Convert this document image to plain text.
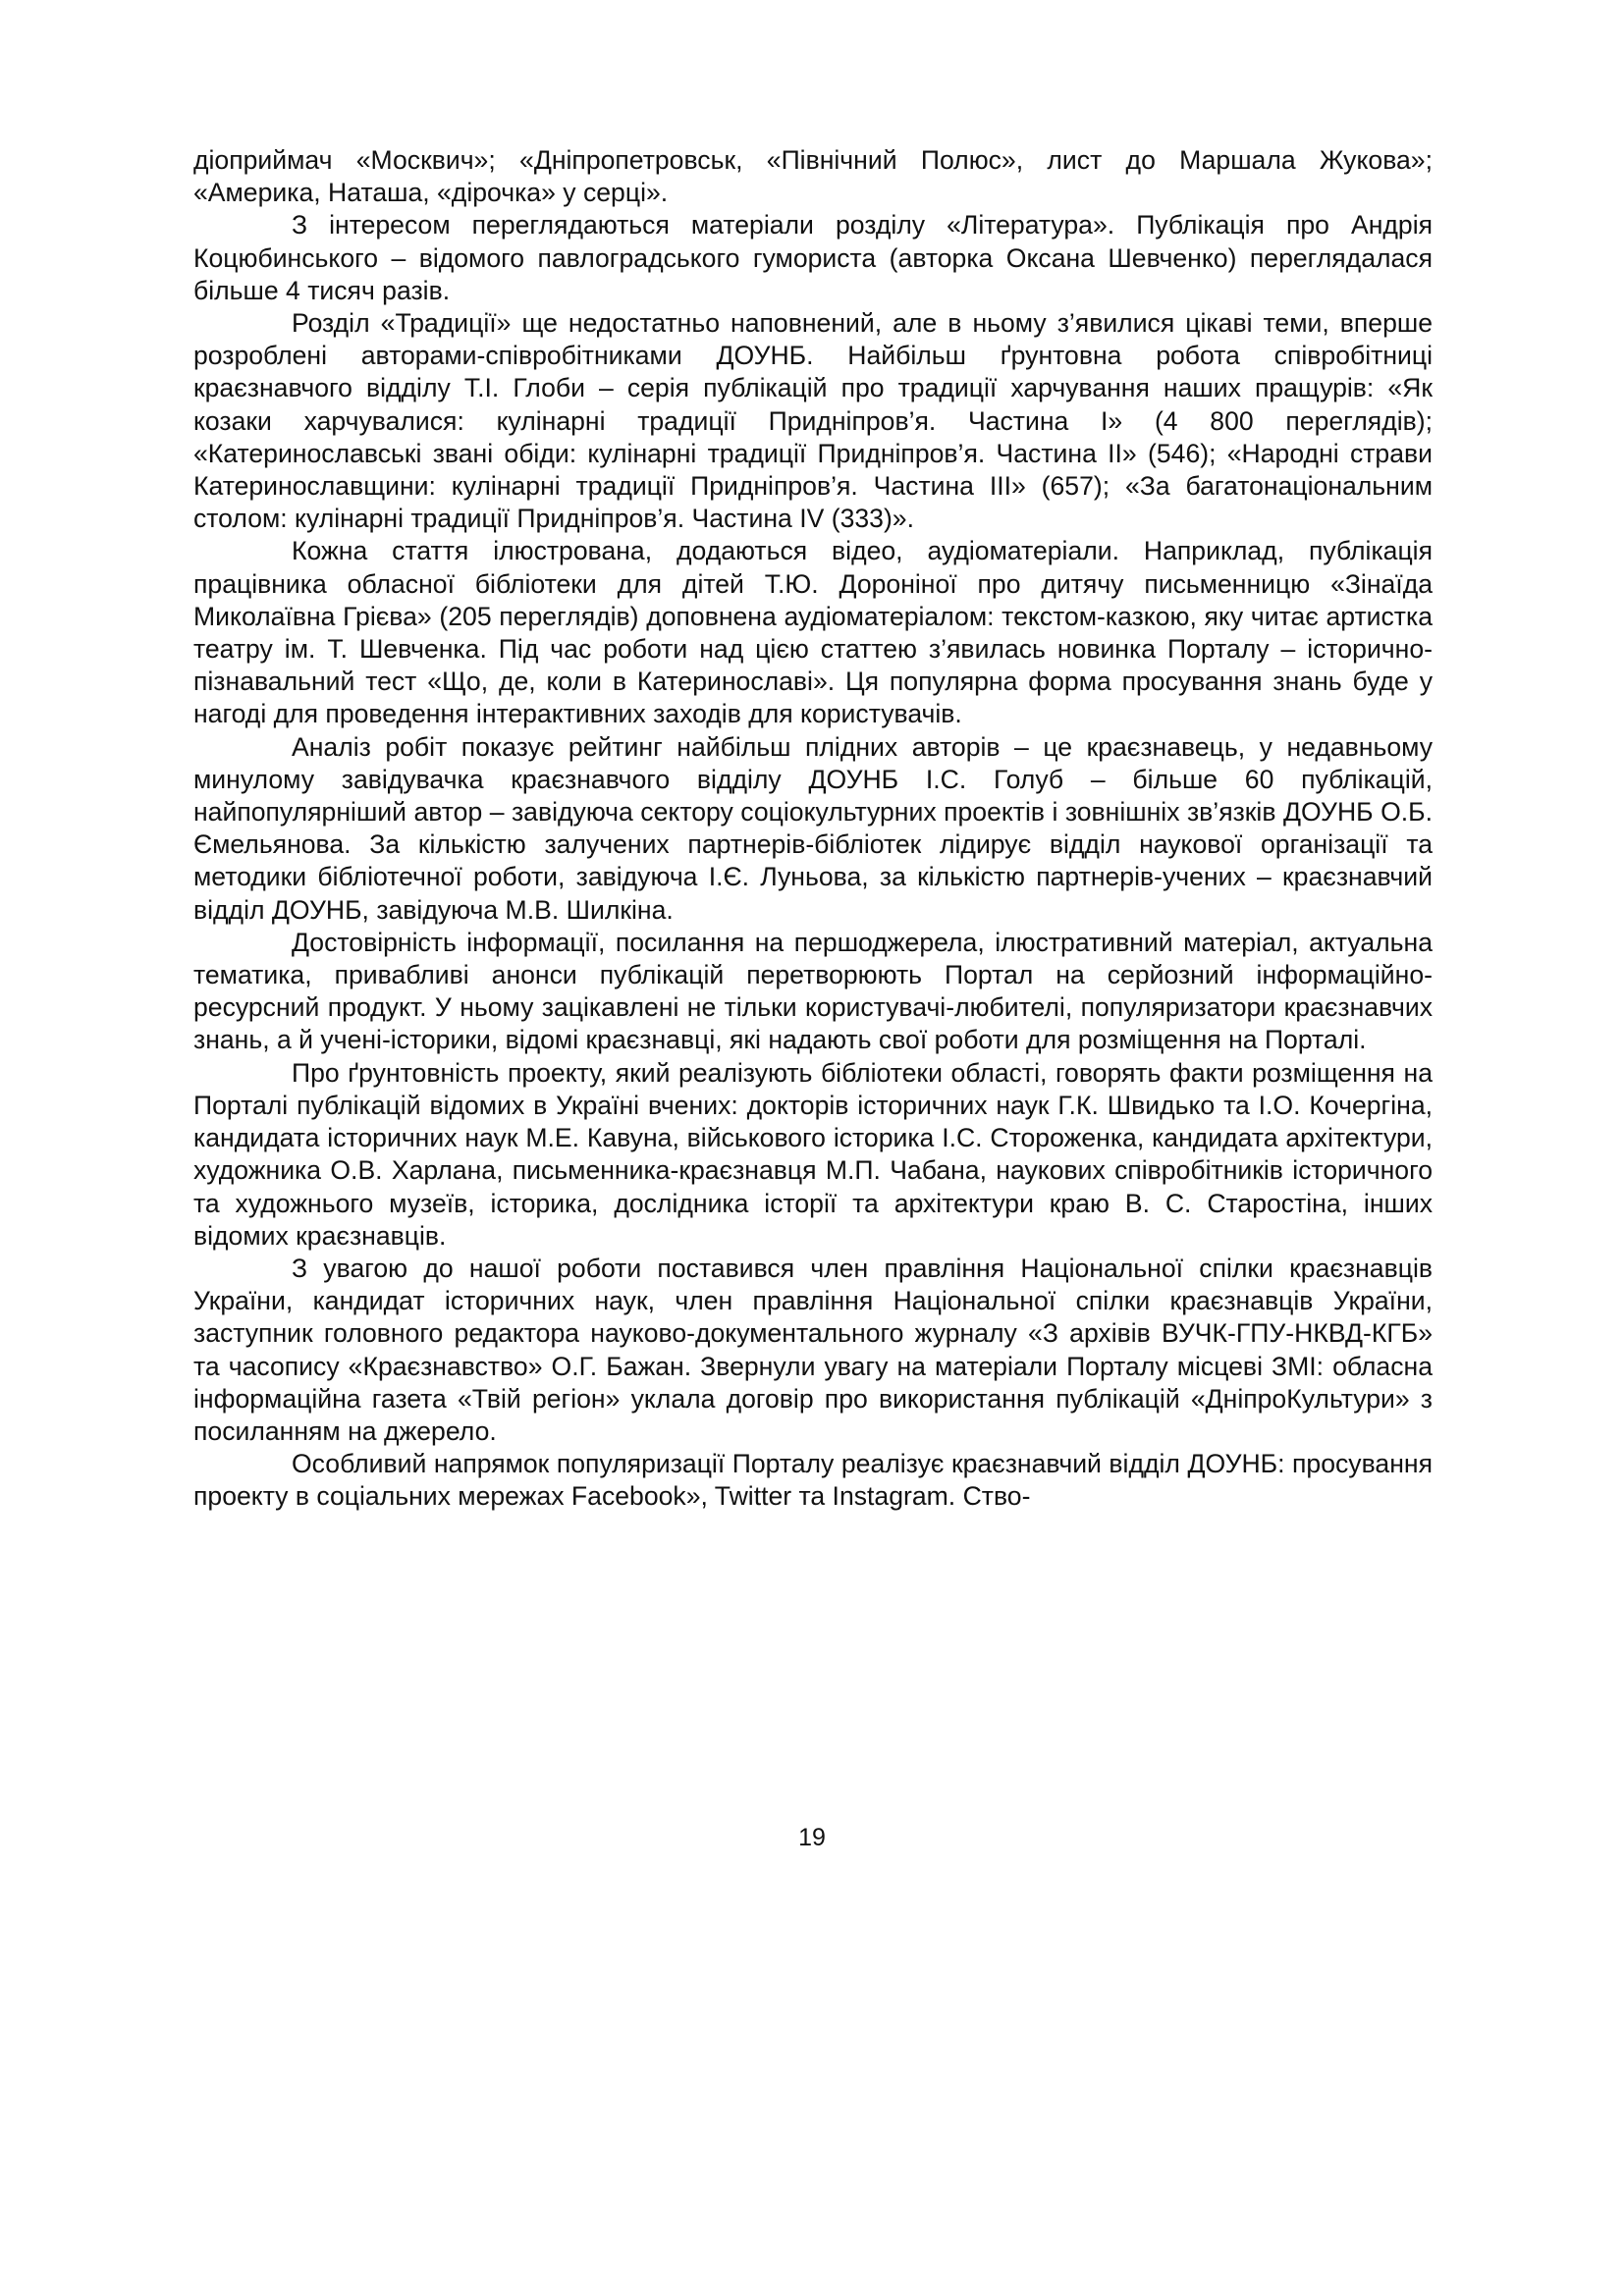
діоприймач «Москвич»; «Дніпропетровськ, «Північний Полюс», лист до Маршала Жукова»; «Америка, Наташа, «дірочка» у серці».

З інтересом переглядаються матеріали розділу «Література». Публікація про Андрія Коцюбинського – відомого павлоградського гумориста (авторка Оксана Шевченко) переглядалася більше 4 тисяч разів.

Розділ «Традиції» ще недостатньо наповнений, але в ньому з’явилися цікаві теми, вперше розроблені авторами-співробітниками ДОУНБ. Найбільш ґрунтовна робота співробітниці краєзнавчого відділу Т.І. Глоби – серія публікацій про традиції харчування наших пращурів: «Як козаки харчувалися: кулінарні традиції Придніпров’я. Частина І» (4 800 переглядів); «Катеринославські звані обіди: кулінарні традиції Придніпров’я. Частина ІІ» (546); «Народні страви Катеринославщини: кулінарні традиції Придніпров’я. Частина ІІІ» (657); «За багатонаціональним столом: кулінарні традиції Придніпров’я. Частина ІV (333)».

Кожна стаття ілюстрована, додаються відео, аудіоматеріали. Наприклад, публікація працівника обласної бібліотеки для дітей Т.Ю. Дороніної про дитячу письменницю «Зінаїда Миколаївна Грієва» (205 переглядів) доповнена аудіоматеріалом: текстом-казкою, яку читає артистка театру ім. Т. Шевченка. Під час роботи над цією статтею з’явилась новинка Порталу – історично-пізнавальний тест «Що, де, коли в Катеринославі». Ця популярна форма просування знань буде у нагоді для проведення інтерактивних заходів для користувачів.

Аналіз робіт показує рейтинг найбільш плідних авторів – це краєзнавець, у недавньому минулому завідувачка краєзнавчого відділу ДОУНБ І.С. Голуб – більше 60 публікацій, найпопулярніший автор – завідуюча сектору соціокультурних проектів і зовнішніх зв’язків ДОУНБ О.Б. Ємельянова. За кількістю залучених партнерів-бібліотек лідирує відділ наукової організації та методики бібліотечної роботи, завідуюча І.Є. Луньова, за кількістю партнерів-учених – краєзнавчий відділ ДОУНБ, завідуюча М.В. Шилкіна.

Достовірність інформації, посилання на першоджерела, ілюстративний матеріал, актуальна тематика, привабливі анонси публікацій перетворюють Портал на серйозний інформаційно-ресурсний продукт. У ньому зацікавлені не тільки користувачі-любителі, популяризатори краєзнавчих знань, а й учені-історики, відомі краєзнавці, які надають свої роботи для розміщення на Порталі.

Про ґрунтовність проекту, який реалізують бібліотеки області, говорять факти розміщення на Порталі публікацій відомих в Україні вчених: докторів історичних наук Г.К. Швидько та І.О. Кочергіна, кандидата історичних наук М.Е. Кавуна, військового історика І.С. Стороженка, кандидата архітектури, художника О.В. Харлана, письменника-краєзнавця М.П. Чабана, наукових співробітників історичного та художнього музеїв, історика, дослідника історії та архітектури краю В. С. Старостіна, інших відомих краєзнавців.

З увагою до нашої роботи поставився член правління Національної спілки краєзнавців України, кандидат історичних наук, член правління Національної спілки краєзнавців України, заступник головного редактора науково-документального журналу «З архівів ВУЧК-ГПУ-НКВД-КГБ» та часопису «Краєзнавство» О.Г. Бажан. Звернули увагу на матеріали Порталу місцеві ЗМІ: обласна інформаційна газета «Твій регіон» уклала договір про використання публікацій «ДніпроКультури» з посиланням на джерело.

Особливий напрямок популяризації Порталу реалізує краєзнавчий відділ ДОУНБ: просування проекту в соціальних мережах Facebook», Twitter та Instagram. Ство-

19
